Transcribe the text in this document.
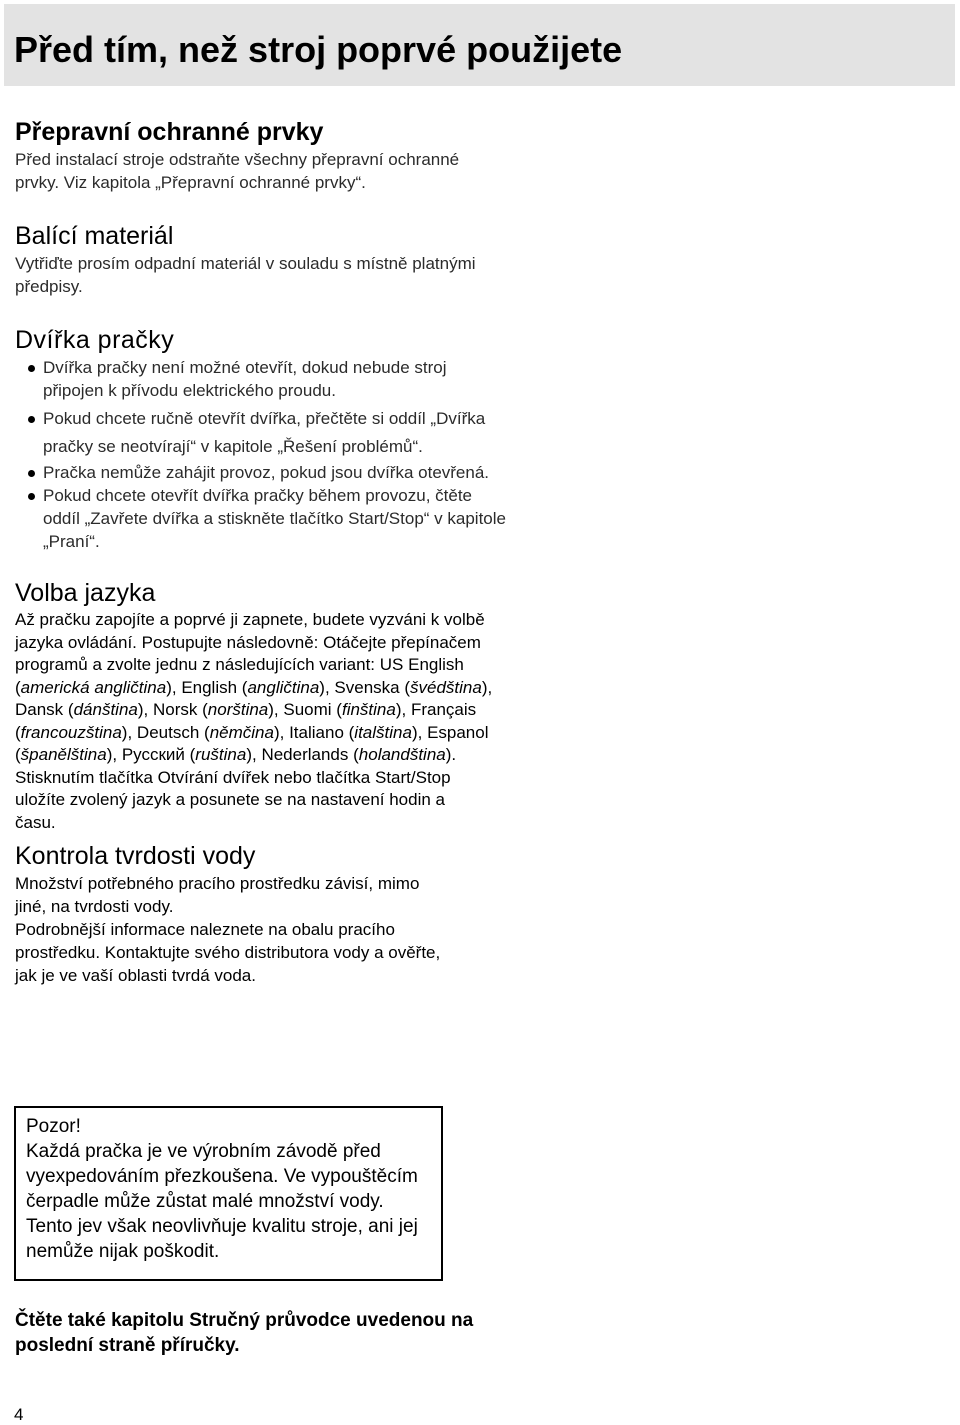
Před tím, než stroj poprvé použijete
Přepravní ochranné prvky

Před instalací stroje odstraňte všechny přepravní ochranné prvky. Viz kapitola „Přepravní ochranné prvky“.

Balící materiál

Vytřiďte prosím odpadní materiál v souladu s místně platnými předpisy.

Dvířka pračky
Dvířka pračky není možné otevřít, dokud nebude stroj připojen k přívodu elektrického proudu.
Pokud chcete ručně otevřít dvířka, přečtěte si oddíl „Dvířka pračky se neotvírají“ v kapitole „Řešení problémů“.
Pračka nemůže zahájit provoz, pokud jsou dvířka otevřená.
Pokud chcete otevřít dvířka pračky během provozu, čtěte oddíl „Zavřete dvířka a stiskněte tlačítko Start/Stop“ v kapitole „Praní“.
Volba jazyka

Až pračku zapojíte a poprvé ji zapnete, budete vyzváni k volbě jazyka ovládání. Postupujte následovně: Otáčejte přepínačem programů a zvolte jednu z následujících variant: US English (americká angličtina), English (angličtina), Svenska (švédština), Dansk (dánština), Norsk (norština), Suomi (finština), Français (francouzština), Deutsch (němčina), Italiano (italština), Espanol (španělština), Русский (ruština), Nederlands (holandština).

Stisknutím tlačítka Otvírání dvířek nebo tlačítka Start/Stop uložíte zvolený jazyk a posunete se na nastavení hodin a času.

Kontrola tvrdosti vody

Množství potřebného pracího prostředku závisí, mimo jiné, na tvrdosti vody.

Podrobnější informace naleznete na obalu pracího prostředku. Kontaktujte svého distributora vody a ověřte, jak je ve vaší oblasti tvrdá voda.

Pozor!

Každá pračka je ve výrobním závodě před vyexpedováním přezkoušena. Ve vypouštěcím čerpadle může zůstat malé množství vody. Tento jev však neovlivňuje kvalitu stroje, ani jej nemůže nijak poškodit.

Čtěte také kapitolu Stručný průvodce uvedenou na poslední straně příručky.

4
